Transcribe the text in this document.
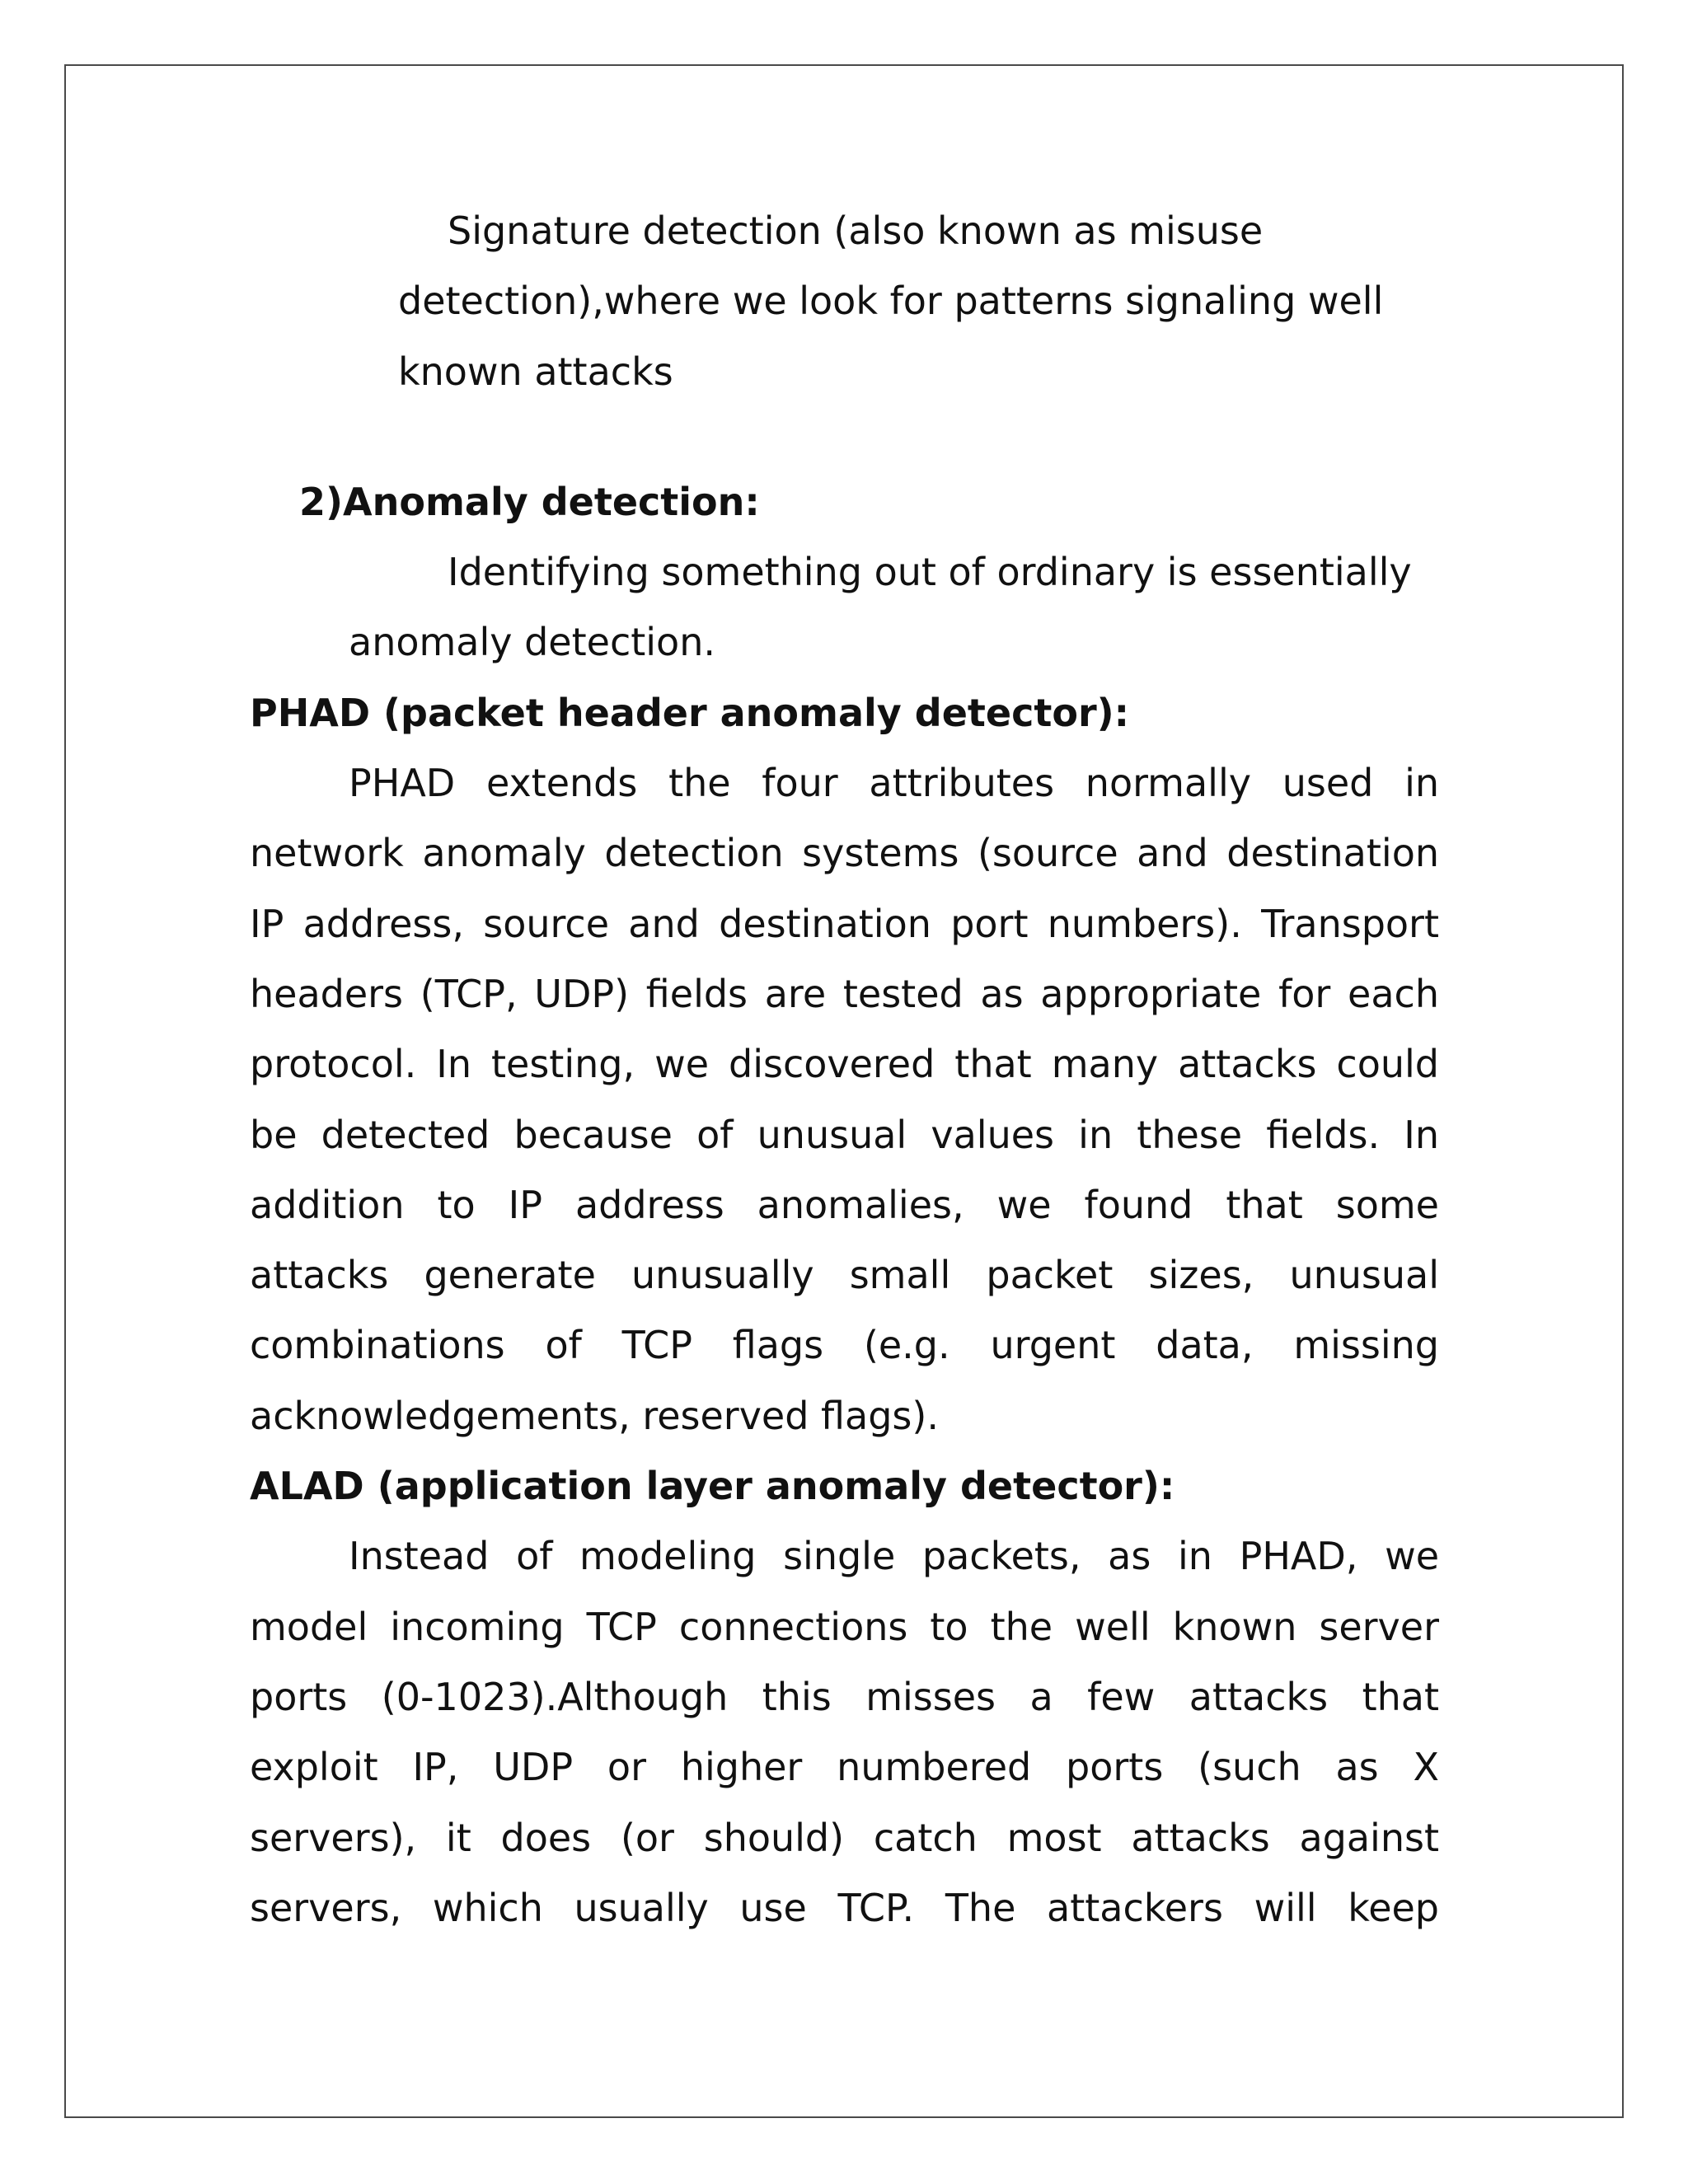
Signature detection (also known as misuse
detection),where we look for patterns signaling well
known attacks
2)Anomaly detection:
Identifying something out of ordinary is essentially
anomaly detection.
PHAD (packet header anomaly detector):
PHAD extends the four attributes normally used in
network anomaly detection systems (source and destination
IP address, source and destination port numbers). Transport
headers (TCP, UDP) fields are tested as appropriate for each
protocol. In testing, we discovered that many attacks could
be detected because of unusual values in these fields. In
addition to IP address anomalies, we found that some
attacks generate unusually small packet sizes, unusual
combinations of TCP flags (e.g. urgent data, missing
acknowledgements, reserved flags).
ALAD (application layer anomaly detector):
Instead of modeling single packets, as in PHAD, we
model incoming TCP connections to the well known server
ports (0-1023).Although this misses a few attacks that
exploit IP, UDP or higher numbered ports (such as X
servers), it does (or should) catch most attacks against
servers, which usually use TCP. The attackers will keep
